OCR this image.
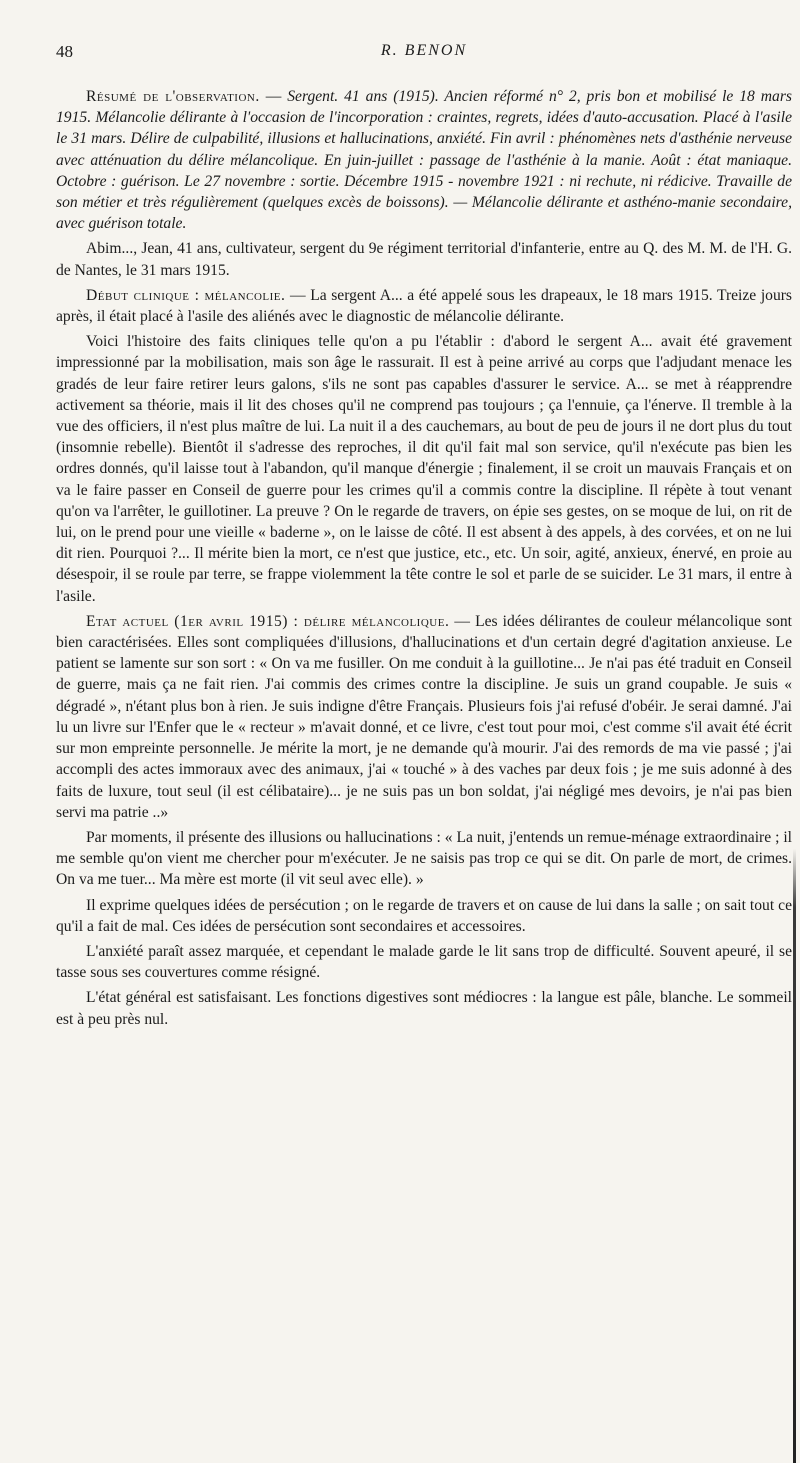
48	R. BENON

Résumé de l'observation. — Sergent. 41 ans (1915). Ancien réformé n° 2, pris bon et mobilisé le 18 mars 1915. Mélancolie délirante à l'occasion de l'incorporation : craintes, regrets, idées d'auto-accusation. Placé à l'asile le 31 mars. Délire de culpabilité, illusions et hallucinations, anxiété. Fin avril : phénomènes nets d'asthénie nerveuse avec atténuation du délire mélancolique. En juin-juillet : passage de l'asthénie à la manie. Août : état maniaque. Octobre : guérison. Le 27 novembre : sortie. Décembre 1915 - novembre 1921 : ni rechute, ni rédicive. Travaille de son métier et très régulièrement (quelques excès de boissons). — Mélancolie délirante et asthéno-manie secondaire, avec guérison totale.

Abim..., Jean, 41 ans, cultivateur, sergent du 9e régiment territorial d'infanterie, entre au Q. des M. M. de l'H. G. de Nantes, le 31 mars 1915.

Début clinique : mélancolie. — La sergent A... a été appelé sous les drapeaux, le 18 mars 1915. Treize jours après, il était placé à l'asile des aliénés avec le diagnostic de mélancolie délirante.

Voici l'histoire des faits cliniques telle qu'on a pu l'établir : d'abord le sergent A... avait été gravement impressionné par la mobilisation, mais son âge le rassurait. Il est à peine arrivé au corps que l'adjudant menace les gradés de leur faire retirer leurs galons, s'ils ne sont pas capables d'assurer le service. A... se met à réapprendre activement sa théorie, mais il lit des choses qu'il ne comprend pas toujours ; ça l'ennuie, ça l'énerve. Il tremble à la vue des officiers, il n'est plus maître de lui. La nuit il a des cauchemars, au bout de peu de jours il ne dort plus du tout (insomnie rebelle). Bientôt il s'adresse des reproches, il dit qu'il fait mal son service, qu'il n'exécute pas bien les ordres donnés, qu'il laisse tout à l'abandon, qu'il manque d'énergie ; finalement, il se croit un mauvais Français et on va le faire passer en Conseil de guerre pour les crimes qu'il a commis contre la discipline. Il répète à tout venant qu'on va l'arrêter, le guillotiner. La preuve ? On le regarde de travers, on épie ses gestes, on se moque de lui, on rit de lui, on le prend pour une vieille « baderne », on le laisse de côté. Il est absent à des appels, à des corvées, et on ne lui dit rien. Pourquoi ?... Il mérite bien la mort, ce n'est que justice, etc., etc. Un soir, agité, anxieux, énervé, en proie au désespoir, il se roule par terre, se frappe violemment la tête contre le sol et parle de se suicider. Le 31 mars, il entre à l'asile.

Etat actuel (1er avril 1915) : délire mélancolique. — Les idées délirantes de couleur mélancolique sont bien caractérisées. Elles sont compliquées d'illusions, d'hallucinations et d'un certain degré d'agitation anxieuse. Le patient se lamente sur son sort : « On va me fusiller. On me conduit à la guillotine... Je n'ai pas été traduit en Conseil de guerre, mais ça ne fait rien. J'ai commis des crimes contre la discipline. Je suis un grand coupable. Je suis « dégradé », n'étant plus bon à rien. Je suis indigne d'être Français. Plusieurs fois j'ai refusé d'obéir. Je serai damné. J'ai lu un livre sur l'Enfer que le « recteur » m'avait donné, et ce livre, c'est tout pour moi, c'est comme s'il avait été écrit sur mon empreinte personnelle. Je mérite la mort, je ne demande qu'à mourir. J'ai des remords de ma vie passé ; j'ai accompli des actes immoraux avec des animaux, j'ai « touché » à des vaches par deux fois ; je me suis adonné à des faits de luxure, tout seul (il est célibataire)... je ne suis pas un bon soldat, j'ai négligé mes devoirs, je n'ai pas bien servi ma patrie ..»

Par moments, il présente des illusions ou hallucinations : « La nuit, j'entends un remue-ménage extraordinaire ; il me semble qu'on vient me chercher pour m'exécuter. Je ne saisis pas trop ce qui se dit. On parle de mort, de crimes. On va me tuer... Ma mère est morte (il vit seul avec elle). »

Il exprime quelques idées de persécution ; on le regarde de travers et on cause de lui dans la salle ; on sait tout ce qu'il a fait de mal. Ces idées de persécution sont secondaires et accessoires.

L'anxiété paraît assez marquée, et cependant le malade garde le lit sans trop de difficulté. Souvent apeuré, il se tasse sous ses couvertures comme résigné.

L'état général est satisfaisant. Les fonctions digestives sont médiocres : la langue est pâle, blanche. Le sommeil est à peu près nul.
